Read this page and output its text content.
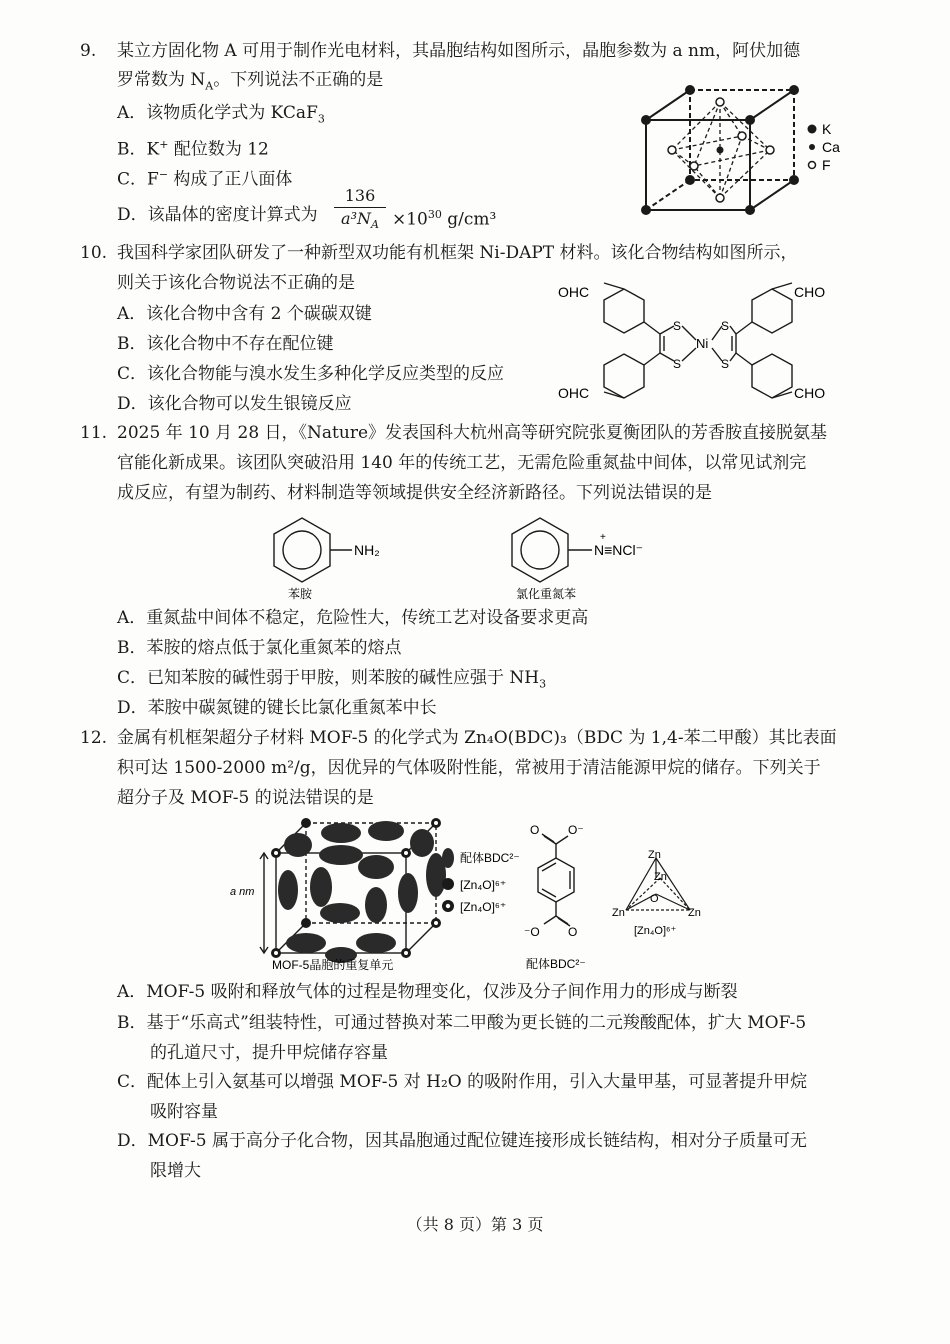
9. 某立方固化物 A 可用于制作光电材料，其晶胞结构如图所示，晶胞参数为 a nm，阿伏加德
罗常数为 $N_A$。下列说法不正确的是
A．该物质化学式为 KCaF$_3$
B．K+ 配位数为 12
C．F− 构成了正八面体
D．该晶体的密度计算式为
136
$a^3N_A \times 10^{30}$ g/cm³
K
Ca
F
10. 我国科学家团队研发了一种新型双功能有机框架 Ni-DAPT 材料。该化合物结构如图所示，
则关于该化合物说法不正确的是
A．该化合物中含有 2 个碳碳双键
B．该化合物中不存在配位键
C．该化合物能与溴水发生多种化学反应类型的反应
D．该化合物可以发生银镜反应
OHC
OHC
CHO
CHO
S
S
S
S
Ni
11. 2025 年 10 月 28 日，《Nature》发表国科大杭州高等研究院张夏衡团队的芳香胺直接脱氨基
官能化新成果。该团队突破沿用 140 年的传统工艺，无需危险重氮盐中间体，以常见试剂完
成反应，有望为制药、材料制造等领域提供安全经济新路径。下列说法错误的是
NH₂
苯胺
+
N≡NCl⁻
氯化重氮苯
A．重氮盐中间体不稳定，危险性大，传统工艺对设备要求更高
B．苯胺的熔点低于氯化重氮苯的熔点
C．已知苯胺的碱性弱于甲胺，则苯胺的碱性应强于 $NH_3$
D．苯胺中碳氮键的键长比氯化重氮苯中长
12. 金属有机框架超分子材料 MOF-5 的化学式为 Zn₄O(BDC)₃（BDC 为 1,4-苯二甲酸）其比表面
积可达 1500-2000 m²/g，因优异的气体吸附性能，常被用于清洁能源甲烷的储存。下列关于
超分子及 MOF-5 的说法错误的是
a nm
MOF-5晶胞的重复单元
配体BDC²⁻
[Zn₄O]⁶⁺
[Zn₄O]⁶⁺
O O⁻
⁻O O
配体BDC²⁻
Zn
Zn
O
Zn	Zn
[Zn₄O]⁶⁺
A．MOF-5 吸附和释放气体的过程是物理变化，仅涉及分子间作用力的形成与断裂
B．基于“乐高式”组装特性，可通过替换对苯二甲酸为更长链的二元羧酸配体，扩大 MOF-5
的孔道尺寸，提升甲烷储存容量
C．配体上引入氨基可以增强 MOF-5 对 H₂O 的吸附作用，引入大量甲基，可显著提升甲烷
吸附容量
D．MOF-5 属于高分子化合物，因其晶胞通过配位键连接形成长链结构，相对分子质量可无
限增大
（共 8 页）第 3 页
